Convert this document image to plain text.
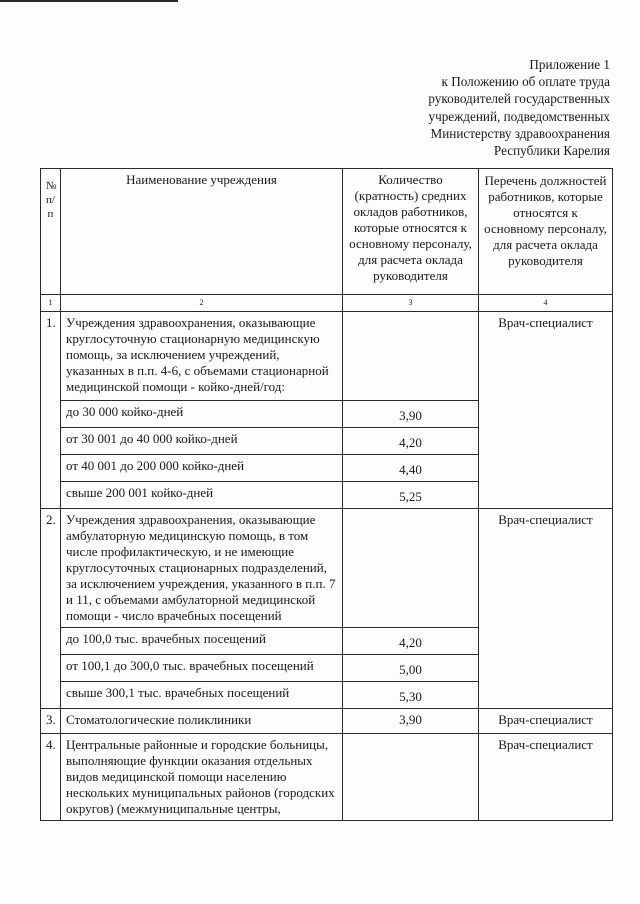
Приложение 1
к Положению об оплате труда
руководителей государственных
учреждений, подведомственных
Министерству здравоохранения
Республики Карелия
№ п/п	Наименование учреждения	Количество (кратность) средних окладов работников, которые относятся к основному персоналу, для расчета оклада руководителя	Перечень должностей работников, которые относятся к основному персоналу, для расчета оклада руководителя
1	2	3	4
1.	Учреждения здравоохранения, оказывающие круглосуточную стационарную медицинскую помощь, за исключением учреждений, указанных в п.п. 4-6, с объемами стационарной медицинской помощи - койко-дней/год:		Врач-специалист
	до 30 000 койко-дней	3,90	
	от 30 001 до 40 000 койко-дней	4,20	
	от 40 001 до 200 000 койко-дней	4,40	
	свыше 200 001 койко-дней	5,25	
2.	Учреждения здравоохранения, оказывающие амбулаторную медицинскую помощь, в том числе профилактическую, и не имеющие круглосуточных стационарных подразделений, за исключением учреждения, указанного в п.п. 7 и 11, с объемами амбулаторной медицинской помощи - число врачебных посещений		Врач-специалист
	до 100,0 тыс. врачебных посещений	4,20	
	от 100,1 до 300,0 тыс. врачебных посещений	5,00	
	свыше 300,1 тыс. врачебных посещений	5,30	
3.	Стоматологические поликлиники	3,90	Врач-специалист
4.	Центральные районные и городские больницы, выполняющие функции оказания отдельных видов медицинской помощи населению нескольких муниципальных районов (городских округов) (межмуниципальные центры,		Врач-специалист
